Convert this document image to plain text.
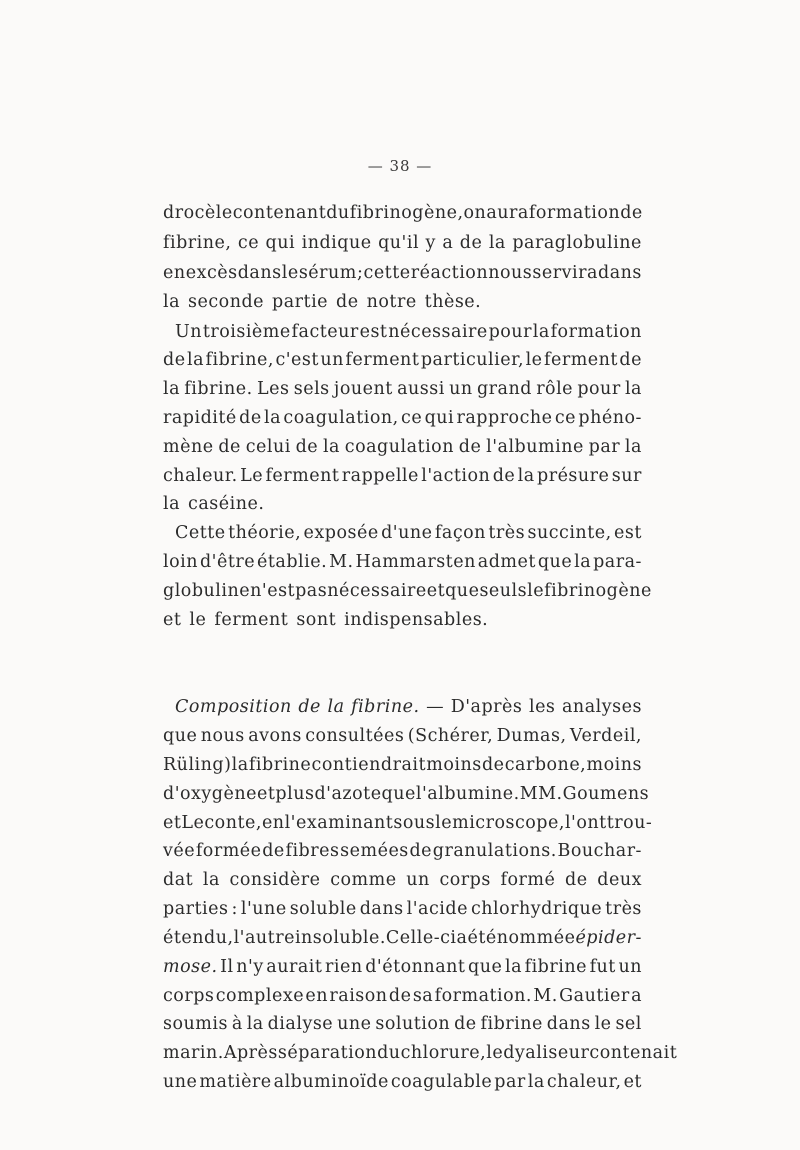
— 38 —
drocèle contenant du fibrinogène, on aura formation de
fibrine, ce qui indique qu'il y a de la paraglobuline
en excès dans le sérum ; cette réaction nous servira dans
la seconde partie de notre thèse.
Un troisième facteur est nécessaire pour la formation
de la fibrine, c'est un ferment particulier, le ferment de
la fibrine. Les sels jouent aussi un grand rôle pour la
rapidité de la coagulation, ce qui rapproche ce phéno-
mène de celui de la coagulation de l'albumine par la
chaleur. Le ferment rappelle l'action de la présure sur
la caséine.
Cette théorie, exposée d'une façon très succinte, est
loin d'être établie. M. Hammarsten admet que la para-
globuline n'est pas nécessaire et que seuls le fibrinogène
et le ferment sont indispensables.
Composition de la fibrine. — D'après les analyses
que nous avons consultées (Schérer, Dumas, Verdeil,
Rüling) la fibrine contiendrait moins de carbone, moins
d'oxygène et plus d'azote que l'albumine. MM. Goumens
et Leconte, en l'examinant sous le microscope, l'ont trou-
vée formée de fibres semées de granulations. Bouchar-
dat la considère comme un corps formé de deux
parties : l'une soluble dans l'acide chlorhydrique très
étendu, l'autre insoluble. Celle-ci a été nommée épider-
mose. Il n'y aurait rien d'étonnant que la fibrine fut un
corps complexe en raison de sa formation. M. Gautier a
soumis à la dialyse une solution de fibrine dans le sel
marin. Après séparation du chlorure, le dyaliseur contenait
une matière albuminoïde coagulable par la chaleur, et
